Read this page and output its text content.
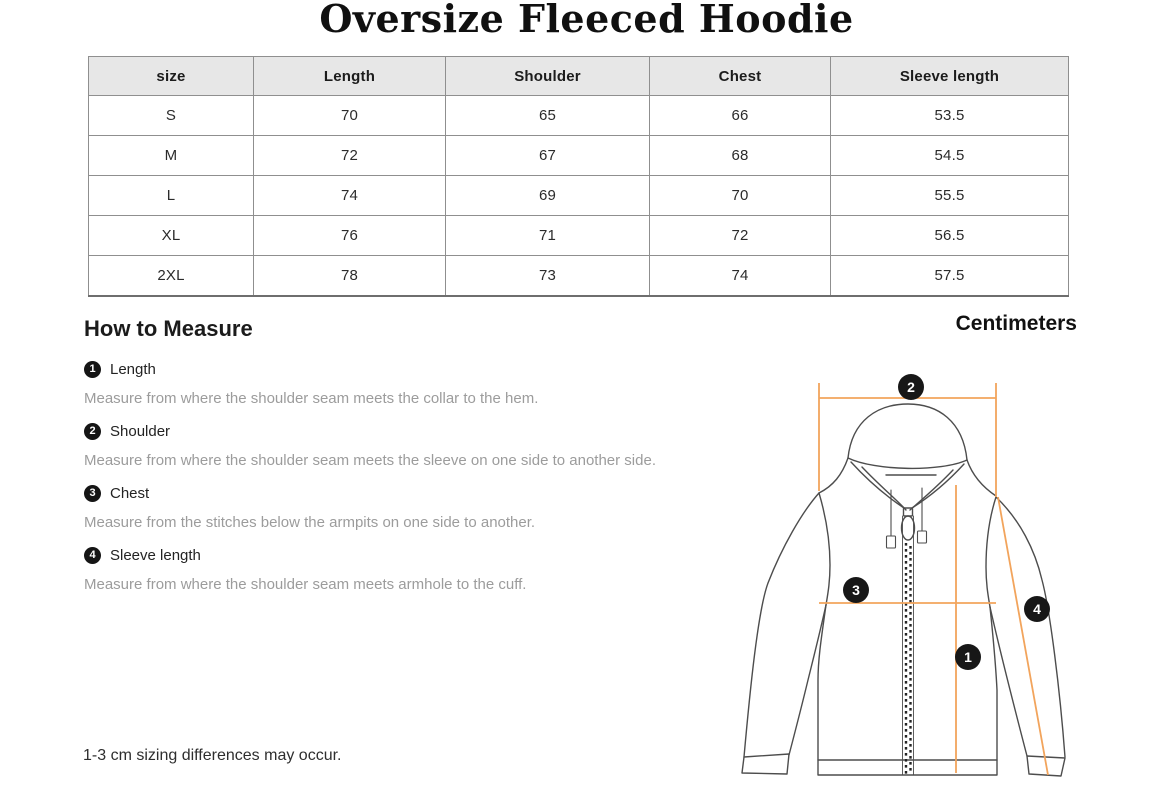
Oversize Fleeced Hoodie
size	Length	Shoulder	Chest	Sleeve length
S	70	65	66	53.5
M	72	67	68	54.5
L	74	69	70	55.5
XL	76	71	72	56.5
2XL	78	73	74	57.5
How to Measure	Centimeters
1 Length

Measure from where the shoulder seam meets the collar to the hem.

2 Shoulder

Measure from where the shoulder seam meets the sleeve on one side to another side.

3 Chest

Measure from the stitches below the armpits on one side to another.

4 Sleeve length

Measure from where the shoulder seam meets armhole to the cuff.

2
3
1
4
1-3 cm sizing differences may occur.
